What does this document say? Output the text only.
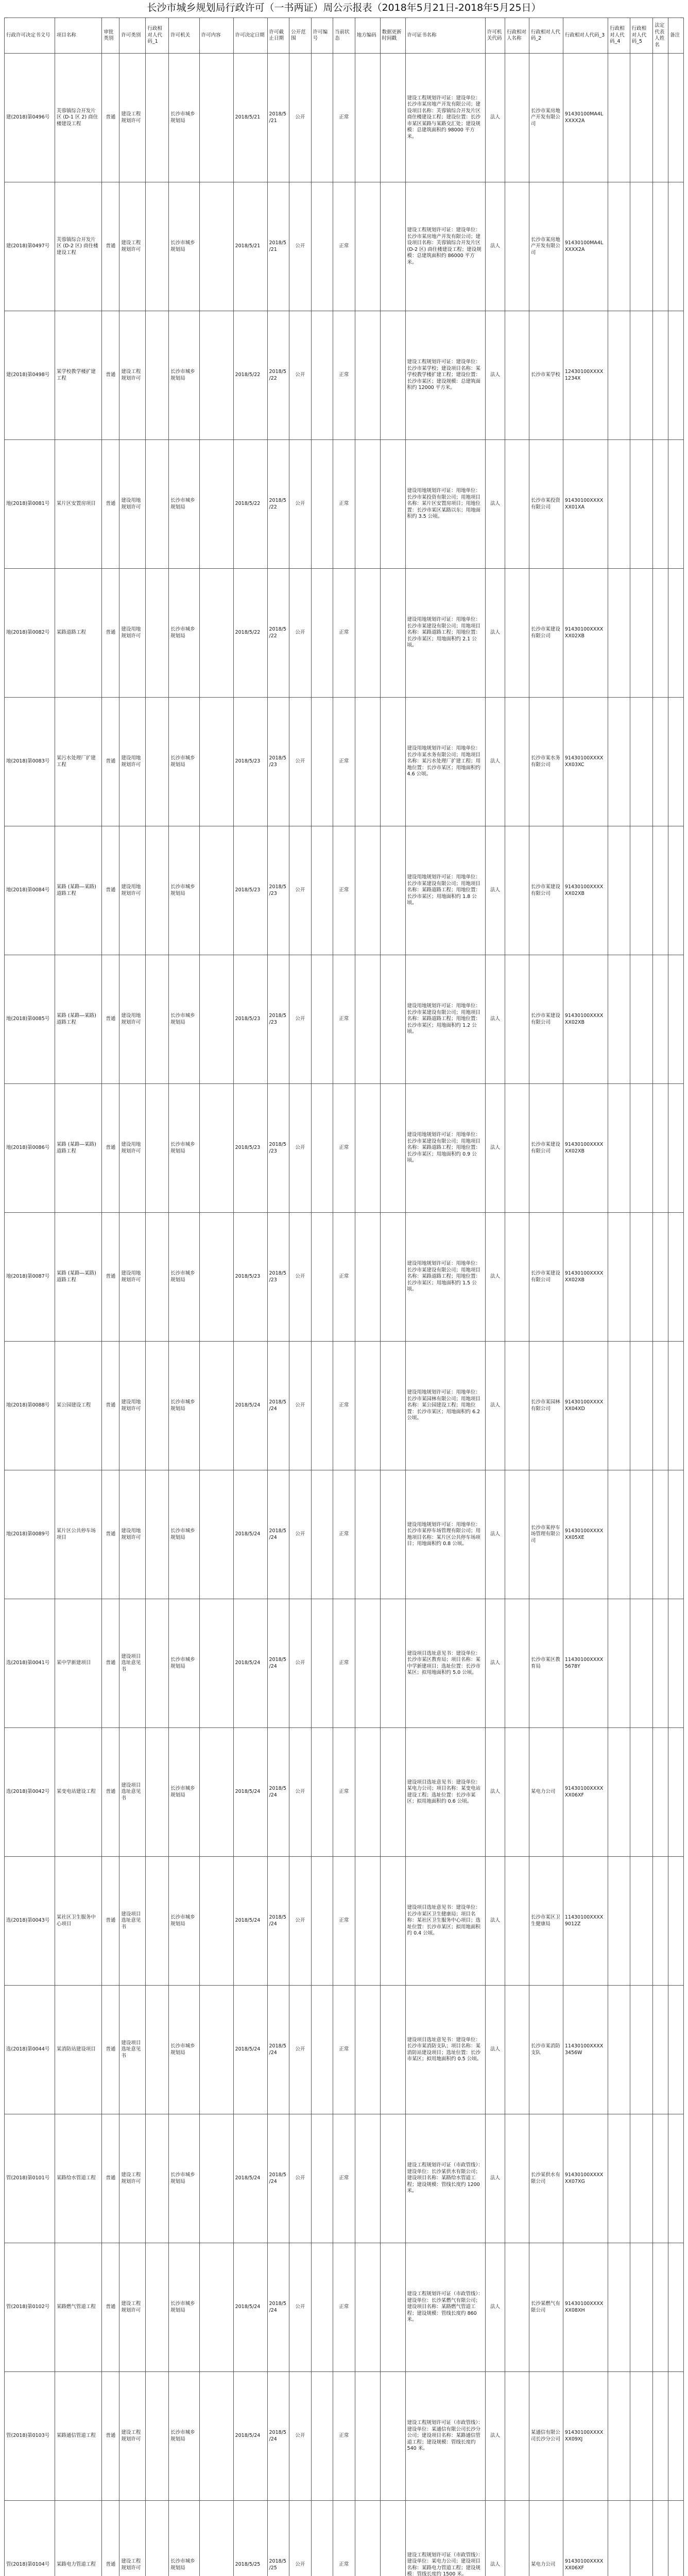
长沙市城乡规划局行政许可（一书两证）周公示报表（2018年5月21日-2018年5月25日）
行政许可决定书文号	项目名称	审批类别	许可类别	行政相对人代码_1	许可机关	许可内容	许可决定日期	许可截止日期	公开范围	许可编号	当前状态	地方编码	数据更新时间戳	许可证书名称	许可机关代码	行政相对人名称	行政相对人代码_2	行政相对人代码_3	行政相对人代码_4	行政相对人代码_5	法定代表人姓名	备注
建(2018)第0496号	芙蓉镇综合开发片区 (D-1 区 2) 商住楼建设工程	普通	建设工程规划许可		长沙市城乡规划局		2018/5/21	2018/5/21	公开		正常			建设工程规划许可证：建设单位：长沙市某房地产开发有限公司；建设项目名称：芙蓉镇综合开发片区商住楼建设工程；建设位置：长沙市某区某路与某路交汇处；建设规模：总建筑面积约 98000 平方米。	法人		长沙市某房地产开发有限公司	91430100MA4LXXXX2A				
建(2018)第0497号	芙蓉镇综合开发片区 (D-2 区) 商住楼建设工程	普通	建设工程规划许可		长沙市城乡规划局		2018/5/21	2018/5/21	公开		正常			建设工程规划许可证：建设单位：长沙市某房地产开发有限公司；建设项目名称：芙蓉镇综合开发片区 (D-2 区) 商住楼建设工程；建设规模：总建筑面积约 86000 平方米。	法人		长沙市某房地产开发有限公司	91430100MA4LXXXX2A				
建(2018)第0498号	某学校教学楼扩建工程	普通	建设工程规划许可		长沙市城乡规划局		2018/5/22	2018/5/22	公开		正常			建设工程规划许可证：建设单位：长沙市某学校；建设项目名称：某学校教学楼扩建工程；建设位置：长沙市某区；建设规模：总建筑面积约 12000 平方米。	法人		长沙市某学校	12430100XXXX1234X				
地(2018)第0081号	某片区安置房项目	普通	建设用地规划许可		长沙市城乡规划局		2018/5/22	2018/5/22	公开		正常			建设用地规划许可证：用地单位：长沙市某投资有限公司；用地项目名称：某片区安置房项目；用地位置：长沙市某区某路以东；用地面积约 3.5 公顷。	法人		长沙市某投资有限公司	91430100XXXXXX01XA				
地(2018)第0082号	某路道路工程	普通	建设用地规划许可		长沙市城乡规划局		2018/5/22	2018/5/22	公开		正常			建设用地规划许可证：用地单位：长沙市某建设有限公司；用地项目名称：某路道路工程；用地位置：长沙市某区；用地面积约 2.1 公顷。	法人		长沙市某建设有限公司	91430100XXXXXX02XB				
地(2018)第0083号	某污水处理厂扩建工程	普通	建设用地规划许可		长沙市城乡规划局		2018/5/23	2018/5/23	公开		正常			建设用地规划许可证：用地单位：长沙市某水务有限公司；用地项目名称：某污水处理厂扩建工程；用地位置：长沙市某区；用地面积约 4.6 公顷。	法人		长沙市某水务有限公司	91430100XXXXXX03XC				
地(2018)第0084号	某路 (某路—某路) 道路工程	普通	建设用地规划许可		长沙市城乡规划局		2018/5/23	2018/5/23	公开		正常			建设用地规划许可证：用地单位：长沙市某建设有限公司；用地项目名称：某路道路工程；用地位置：长沙市某区；用地面积约 1.8 公顷。	法人		长沙市某建设有限公司	91430100XXXXXX02XB				
地(2018)第0085号	某路 (某路—某路) 道路工程	普通	建设用地规划许可		长沙市城乡规划局		2018/5/23	2018/5/23	公开		正常			建设用地规划许可证：用地单位：长沙市某建设有限公司；用地项目名称：某路道路工程；用地位置：长沙市某区；用地面积约 1.2 公顷。	法人		长沙市某建设有限公司	91430100XXXXXX02XB				
地(2018)第0086号	某路 (某路—某路) 道路工程	普通	建设用地规划许可		长沙市城乡规划局		2018/5/23	2018/5/23	公开		正常			建设用地规划许可证：用地单位：长沙市某建设有限公司；用地项目名称：某路道路工程；用地位置：长沙市某区；用地面积约 0.9 公顷。	法人		长沙市某建设有限公司	91430100XXXXXX02XB				
地(2018)第0087号	某路 (某路—某路) 道路工程	普通	建设用地规划许可		长沙市城乡规划局		2018/5/23	2018/5/23	公开		正常			建设用地规划许可证：用地单位：长沙市某建设有限公司；用地项目名称：某路道路工程；用地位置：长沙市某区；用地面积约 1.5 公顷。	法人		长沙市某建设有限公司	91430100XXXXXX02XB				
地(2018)第0088号	某公园建设工程	普通	建设用地规划许可		长沙市城乡规划局		2018/5/24	2018/5/24	公开		正常			建设用地规划许可证：用地单位：长沙市某园林有限公司；用地项目名称：某公园建设工程；用地位置：长沙市某区；用地面积约 6.2 公顷。	法人		长沙市某园林有限公司	91430100XXXXXX04XD				
地(2018)第0089号	某片区公共停车场项目	普通	建设用地规划许可		长沙市城乡规划局		2018/5/24	2018/5/24	公开		正常			建设用地规划许可证：用地单位：长沙市某停车场管理有限公司；用地项目名称：某片区公共停车场项目；用地面积约 0.8 公顷。	法人		长沙市某停车场管理有限公司	91430100XXXXXX05XE				
选(2018)第0041号	某中学新建项目	普通	建设项目选址意见书		长沙市城乡规划局		2018/5/24	2018/5/24	公开		正常			建设项目选址意见书：建设单位：长沙市某区教育局；项目名称：某中学新建项目；选址位置：长沙市某区；拟用地面积约 5.0 公顷。	法人		长沙市某区教育局	11430100XXXX5678Y				
选(2018)第0042号	某变电站建设工程	普通	建设项目选址意见书		长沙市城乡规划局		2018/5/24	2018/5/24	公开		正常			建设项目选址意见书：建设单位：某电力公司；项目名称：某变电站建设工程；选址位置：长沙市某区；拟用地面积约 0.6 公顷。	法人		某电力公司	91430100XXXXXX06XF				
选(2018)第0043号	某社区卫生服务中心项目	普通	建设项目选址意见书		长沙市城乡规划局		2018/5/24	2018/5/24	公开		正常			建设项目选址意见书：建设单位：长沙市某区卫生健康局；项目名称：某社区卫生服务中心项目；选址位置：长沙市某区；拟用地面积约 0.4 公顷。	法人		长沙市某区卫生健康局	11430100XXXX9012Z				
选(2018)第0044号	某消防站建设项目	普通	建设项目选址意见书		长沙市城乡规划局		2018/5/24	2018/5/24	公开		正常			建设项目选址意见书：建设单位：长沙市某消防支队；项目名称：某消防站建设项目；选址位置：长沙市某区；拟用地面积约 0.5 公顷。	法人		长沙市某消防支队	11430100XXXX3456W				
管(2018)第0101号	某路给水管道工程	普通	建设工程规划许可		长沙市城乡规划局		2018/5/24	2018/5/24	公开		正常			建设工程规划许可证（市政管线）：建设单位：长沙某供水有限公司；建设项目名称：某路给水管道工程；建设规模：管线长度约 1200 米。	法人		长沙某供水有限公司	91430100XXXXXX07XG				
管(2018)第0102号	某路燃气管道工程	普通	建设工程规划许可		长沙市城乡规划局		2018/5/24	2018/5/24	公开		正常			建设工程规划许可证（市政管线）：建设单位：长沙某燃气有限公司；建设项目名称：某路燃气管道工程；建设规模：管线长度约 860 米。	法人		长沙某燃气有限公司	91430100XXXXXX08XH				
管(2018)第0103号	某路通信管道工程	普通	建设工程规划许可		长沙市城乡规划局		2018/5/24	2018/5/24	公开		正常			建设工程规划许可证（市政管线）：建设单位：某通信有限公司长沙分公司；建设项目名称：某路通信管道工程；建设规模：管线长度约 540 米。	法人		某通信有限公司长沙分公司	91430100XXXXXX09XJ				
管(2018)第0104号	某路电力管道工程	普通	建设工程规划许可		长沙市城乡规划局		2018/5/25	2018/5/25	公开		正常			建设工程规划许可证（市政管线）：建设单位：某电力公司；建设项目名称：某路电力管道工程；建设规模：管线长度约 1500 米。	法人		某电力公司	91430100XXXXXX06XF				
